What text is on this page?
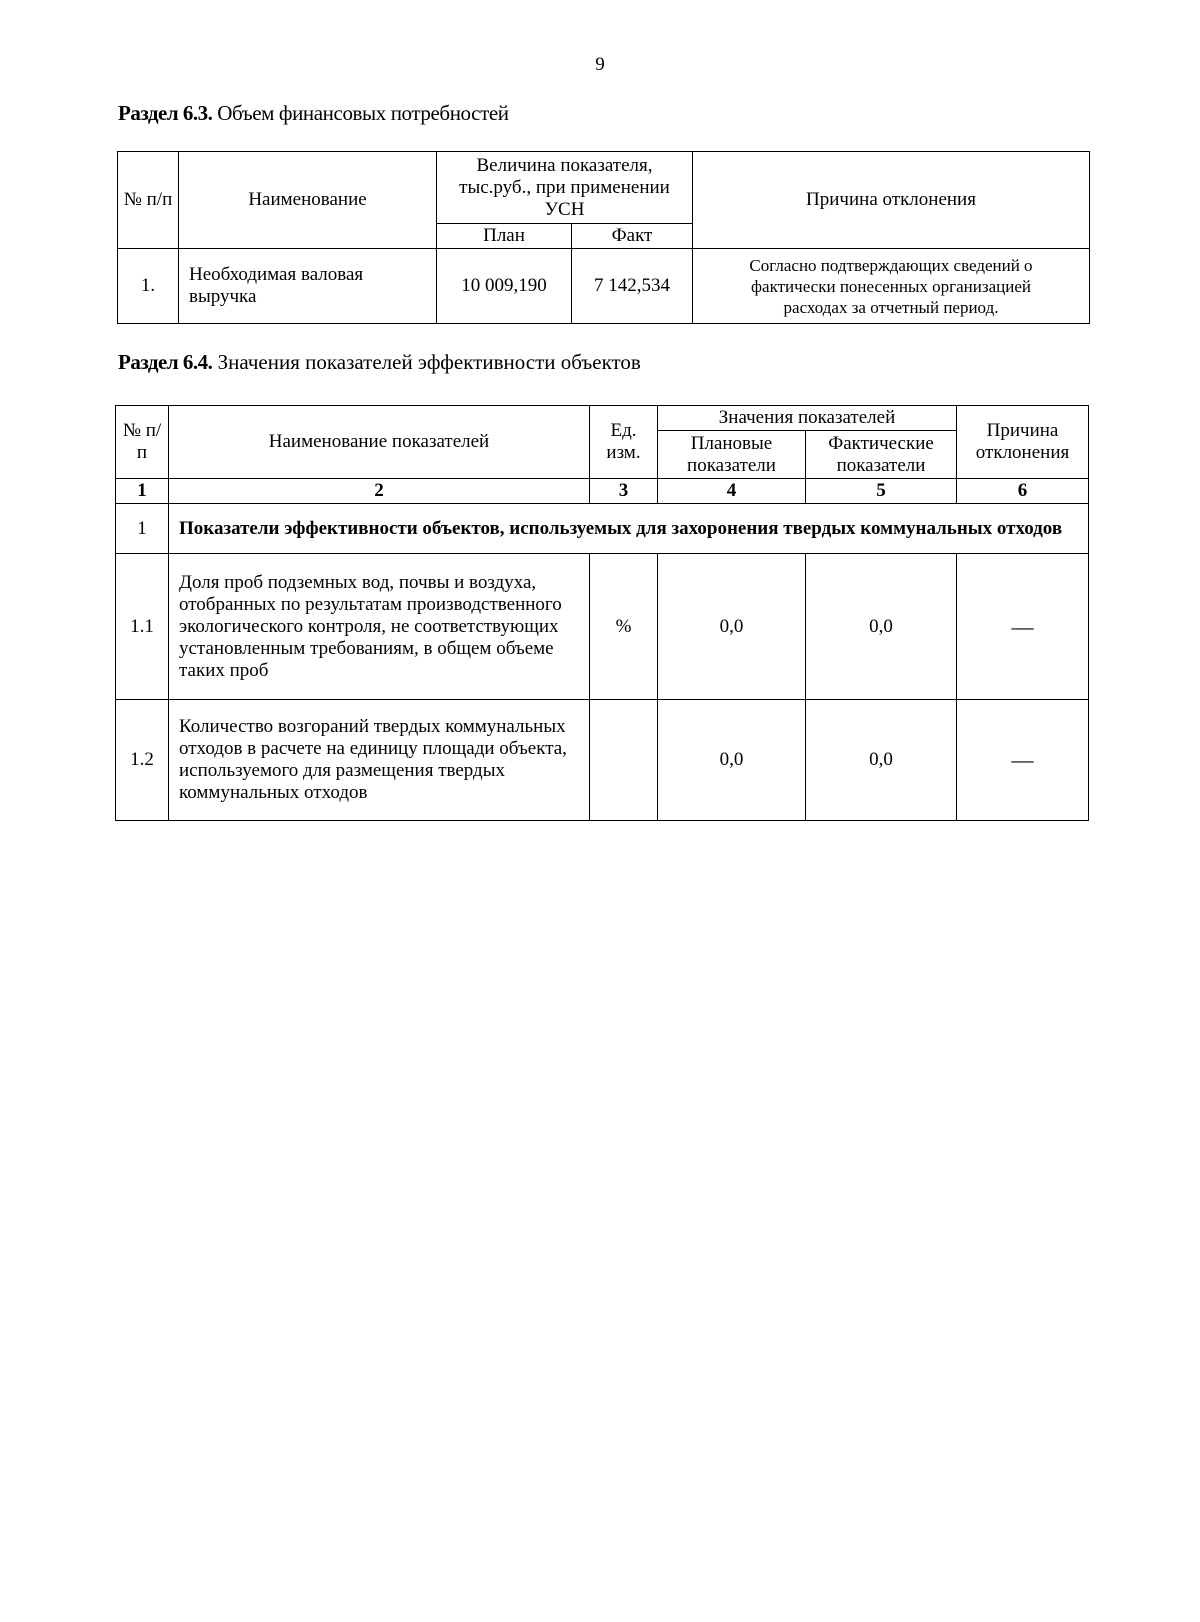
9
Раздел 6.3. Объем финансовых потребностей
№ п/п	Наименование	Величина показателя, тыс.руб., при применении УСН		Причина отклонения
		План	Факт	
1.	Необходимая валовая выручка	10 009,190	7 142,534	Согласно подтверждающих сведений о фактически понесенных организацией расходах за отчетный период.
Раздел 6.4. Значения показателей эффективности объектов
№ п/п	Наименование показателей	Ед. изм.	Значения показателей		Причина отклонения
			Плановые показатели	Фактические показатели	
1	2	3	4	5	6
1	Показатели эффективности объектов, используемых для захоронения твердых коммунальных отходов				
1.1	Доля проб подземных вод, почвы и воздуха, отобранных по результатам производственного экологического контроля, не соответствующих установленным требованиям, в общем объеме таких проб	%	0,0	0,0	—
1.2	Количество возгораний твердых коммунальных отходов в расчете на единицу площади объекта, используемого для размещения твердых коммунальных отходов		0,0	0,0	—
